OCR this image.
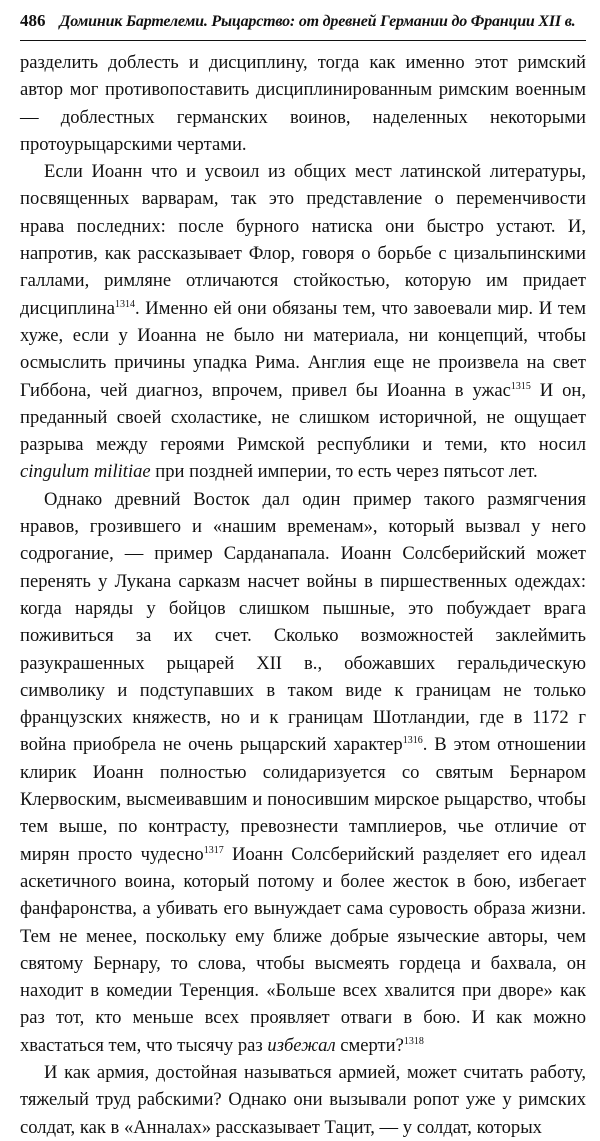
486 Доминик Бартелеми. Рыцарство: от древней Германии до Франции XII в.

разделить доблесть и дисциплину, тогда как именно этот римский автор мог противопоставить дисциплинированным римским военным — доблестных германских воинов, наделенных некоторыми протоурыцарскими чертами.

Если Иоанн что и усвоил из общих мест латинской литературы, посвященных варварам, так это представление о переменчивости нрава последних: после бурного натиска они быстро устают. И, напротив, как рассказывает Флор, говоря о борьбе с цизальпинскими галлами, римляне отличаются стойкостью, которую им придает дисциплина$^{1314}$. Именно ей они обязаны тем, что завоевали мир. И тем хуже, если у Иоанна не было ни материала, ни концепций, чтобы осмыслить причины упадка Рима. Англия еще не произвела на свет Гиббона, чей диагноз, впрочем, привел бы Иоанна в ужас$^{1315}$ И он, преданный своей схоластике, не слишком историчной, не ощущает разрыва между героями Римской республики и теми, кто носил cingulum militiae при поздней империи, то есть через пятьсот лет.

Однако древний Восток дал один пример такого размягчения нравов, грозившего и «нашим временам», который вызвал у него содрогание, — пример Сарданапала. Иоанн Солсберийский может перенять у Лукана сарказм насчет войны в пиршественных одеждах: когда наряды у бойцов слишком пышные, это побуждает врага поживиться за их счет. Сколько возможностей заклеймить разукрашенных рыцарей XII в., обожавших геральдическую символику и подступавших в таком виде к границам не только французских княжеств, но и к границам Шотландии, где в 1172 г война приобрела не очень рыцарский характер$^{1316}$. В этом отношении клирик Иоанн полностью солидаризуется со святым Бернаром Клервоским, высмеивавшим и поносившим мирское рыцарство, чтобы тем выше, по контрасту, превознести тамплиеров, чье отличие от мирян просто чудесно$^{1317}$ Иоанн Солсберийский разделяет его идеал аскетичного воина, который потому и более жесток в бою, избегает фанфаронства, а убивать его вынуждает сама суровость образа жизни. Тем не менее, поскольку ему ближе добрые языческие авторы, чем святому Бернару, то слова, чтобы высмеять гордеца и бахвала, он находит в комедии Теренция. «Больше всех хвалится при дворе» как раз тот, кто меньше всех проявляет отваги в бою. И как можно хвастаться тем, что тысячу раз избежал смерти?$^{1318}$

И как армия, достойная называться армией, может считать работу, тяжелый труд рабскими? Однако они вызывали ропот уже у римских солдат, как в «Анналах» рассказывает Тацит, — у солдат, которых
